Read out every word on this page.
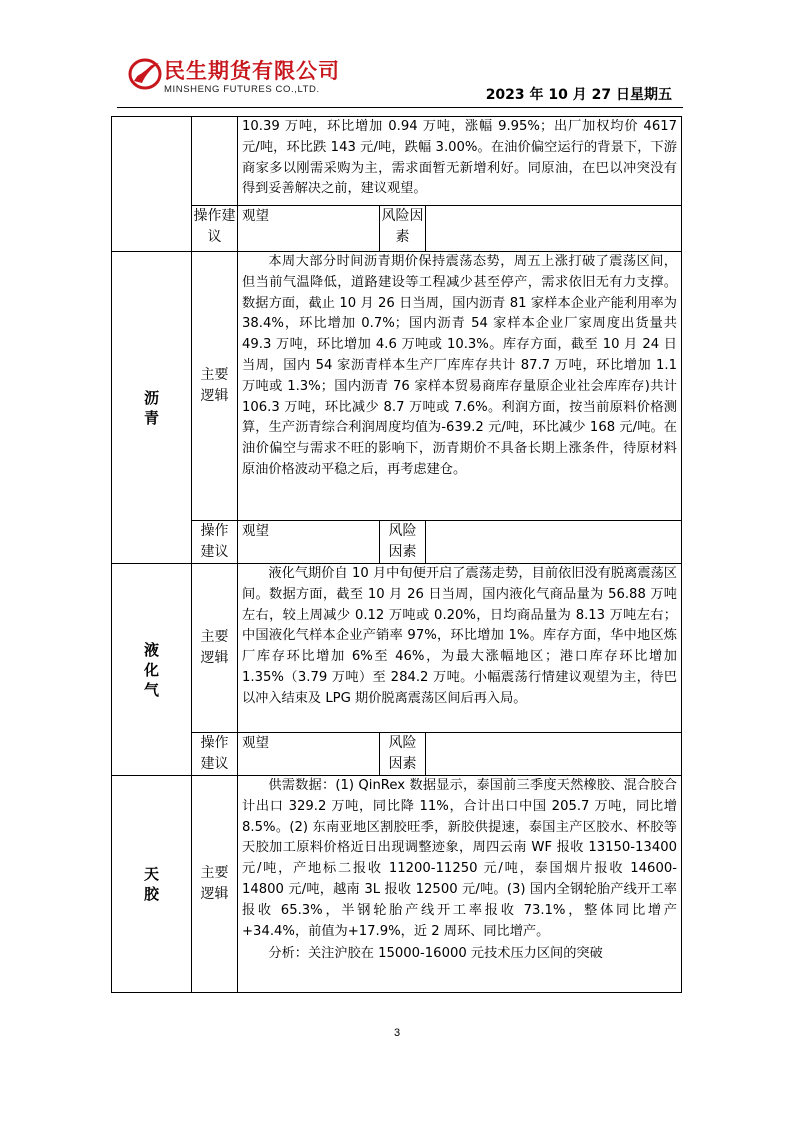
民生期货有限公司
MINSHENG FUTURES CO.,LTD.	2023 年 10 月 27 日星期五
		10.39 万吨，环比增加 0.94 万吨，涨幅 9.95%；出厂加权均价 4617 元/吨，环比跌 143 元/吨，跌幅 3.00%。在油价偏空运行的背景下，下游商家多以刚需采购为主，需求面暂无新增利好。同原油，在巴以冲突没有得到妥善解决之前，建议观望。		
	操作建议	观望	风险因素	
沥青	主要逻辑	本周大部分时间沥青期价保持震荡态势，周五上涨打破了震荡区间，但当前气温降低，道路建设等工程减少甚至停产，需求依旧无有力支撑。数据方面，截止 10 月 26 日当周，国内沥青 81 家样本企业产能利用率为 38.4%，环比增加 0.7%；国内沥青 54 家样本企业厂家周度出货量共 49.3 万吨，环比增加 4.6 万吨或 10.3%。库存方面，截至 10 月 24 日当周，国内 54 家沥青样本生产厂库库存共计 87.7 万吨，环比增加 1.1 万吨或 1.3%；国内沥青 76 家样本贸易商库存量原企业社会库库存)共计 106.3 万吨，环比减少 8.7 万吨或 7.6%。利润方面，按当前原料价格测算，生产沥青综合利润周度均值为-639.2 元/吨，环比减少 168 元/吨。在油价偏空与需求不旺的影响下，沥青期价不具备长期上涨条件，待原材料原油价格波动平稳之后，再考虑建仓。		
	操作建议	观望	风险因素	
液化气	主要逻辑	液化气期价自 10 月中旬便开启了震荡走势，目前依旧没有脱离震荡区间。数据方面，截至 10 月 26 日当周，国内液化气商品量为 56.88 万吨左右，较上周减少 0.12 万吨或 0.20%，日均商品量为 8.13 万吨左右；中国液化气样本企业产销率 97%，环比增加 1%。库存方面，华中地区炼厂库存环比增加 6%至 46%，为最大涨幅地区；港口库存环比增加 1.35%（3.79 万吨）至 284.2 万吨。小幅震荡行情建议观望为主，待巴以冲入结束及 LPG 期价脱离震荡区间后再入局。		
	操作建议	观望	风险因素	
天胶	主要逻辑	供需数据：(1) QinRex 数据显示，泰国前三季度天然橡胶、混合胶合计出口 329.2 万吨，同比降 11%，合计出口中国 205.7 万吨，同比增 8.5%。(2) 东南亚地区割胶旺季，新胶供提速，泰国主产区胶水、杯胶等天胶加工原料价格近日出现调整迹象，周四云南 WF 报收 13150-13400 元/吨，产地标二报收 11200-11250 元/吨，泰国烟片报收 14600-14800 元/吨，越南 3L 报收 12500 元/吨。(3) 国内全钢轮胎产线开工率报收 65.3%，半钢轮胎产线开工率报收 73.1%，整体同比增产+34.4%，前值为+17.9%，近 2 周环、同比增产。
分析：关注沪胶在 15000-16000 元技术压力区间的突破		
3
